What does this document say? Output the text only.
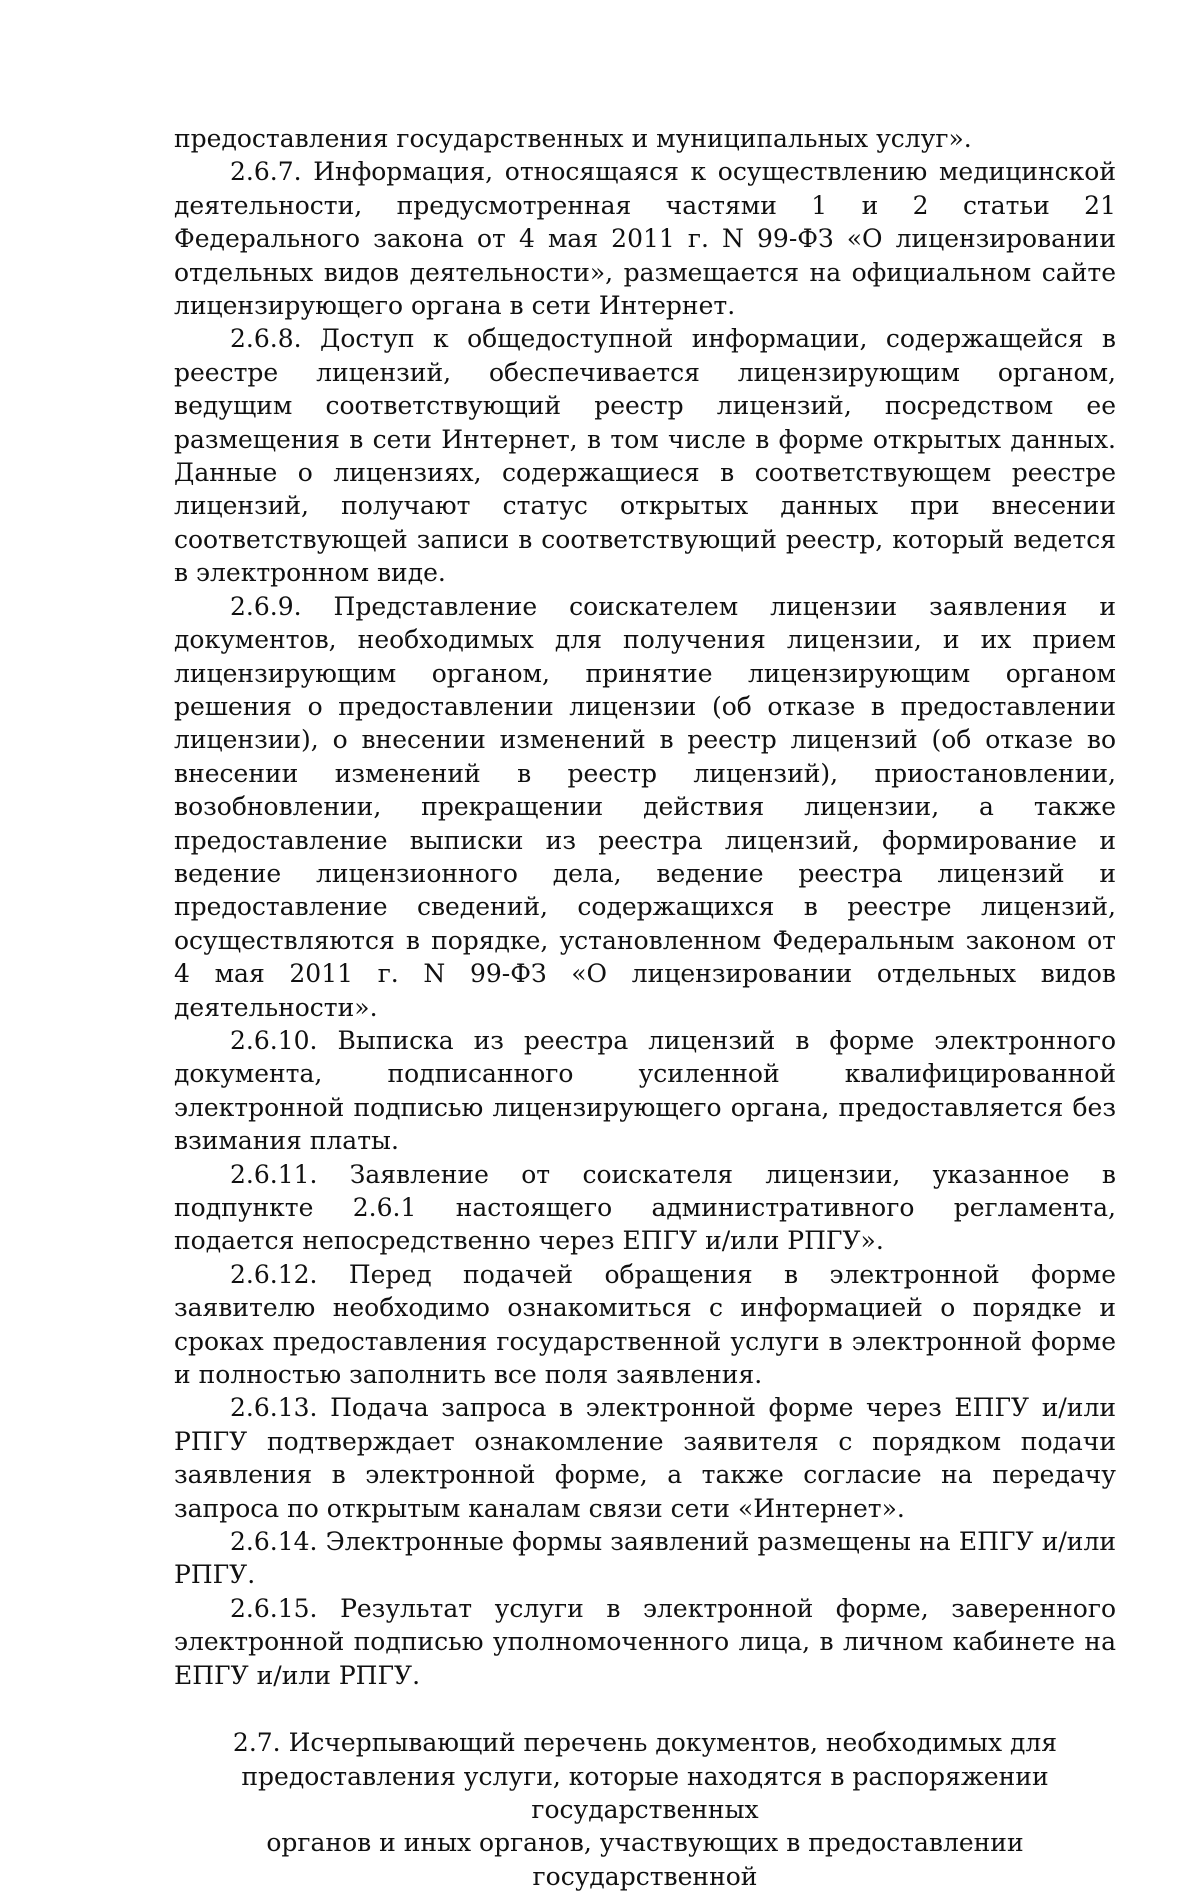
предоставления государственных и муниципальных услуг».

2.6.7. Информация, относящаяся к осуществлению медицинской деятельности, предусмотренная частями 1 и 2 статьи 21 Федерального закона от 4 мая 2011 г. N 99-ФЗ «О лицензировании отдельных видов деятельности», размещается на официальном сайте лицензирующего органа в сети Интернет.

2.6.8. Доступ к общедоступной информации, содержащейся в реестре лицензий, обеспечивается лицензирующим органом, ведущим соответствующий реестр лицензий, посредством ее размещения в сети Интернет, в том числе в форме открытых данных. Данные о лицензиях, содержащиеся в соответствующем реестре лицензий, получают статус открытых данных при внесении соответствующей записи в соответствующий реестр, который ведется в электронном виде.

2.6.9. Представление соискателем лицензии заявления и документов, необходимых для получения лицензии, и их прием лицензирующим органом, принятие лицензирующим органом решения о предоставлении лицензии (об отказе в предоставлении лицензии), о внесении изменений в реестр лицензий (об отказе во внесении изменений в реестр лицензий), приостановлении, возобновлении, прекращении действия лицензии, а также предоставление выписки из реестра лицензий, формирование и ведение лицензионного дела, ведение реестра лицензий и предоставление сведений, содержащихся в реестре лицензий, осуществляются в порядке, установленном Федеральным законом от 4 мая 2011 г. N 99-ФЗ «О лицензировании отдельных видов деятельности».

2.6.10. Выписка из реестра лицензий в форме электронного документа, подписанного усиленной квалифицированной электронной подписью лицензирующего органа, предоставляется без взимания платы.

2.6.11. Заявление от соискателя лицензии, указанное в подпункте 2.6.1 настоящего административного регламента, подается непосредственно через ЕПГУ и/или РПГУ».

2.6.12. Перед подачей обращения в электронной форме заявителю необходимо ознакомиться с информацией о порядке и сроках предоставления государственной услуги в электронной форме и полностью заполнить все поля заявления.

2.6.13. Подача запроса в электронной форме через ЕПГУ и/или РПГУ подтверждает ознакомление заявителя с порядком подачи заявления в электронной форме, а также согласие на передачу запроса по открытым каналам связи сети «Интернет».

2.6.14. Электронные формы заявлений размещены на ЕПГУ и/или РПГУ.

2.6.15. Результат услуги в электронной форме, заверенного электронной подписью уполномоченного лица, в личном кабинете на ЕПГУ и/или РПГУ.

2.7. Исчерпывающий перечень документов, необходимых для
предоставления услуги, которые находятся в распоряжении государственных
органов и иных органов, участвующих в предоставлении государственной
